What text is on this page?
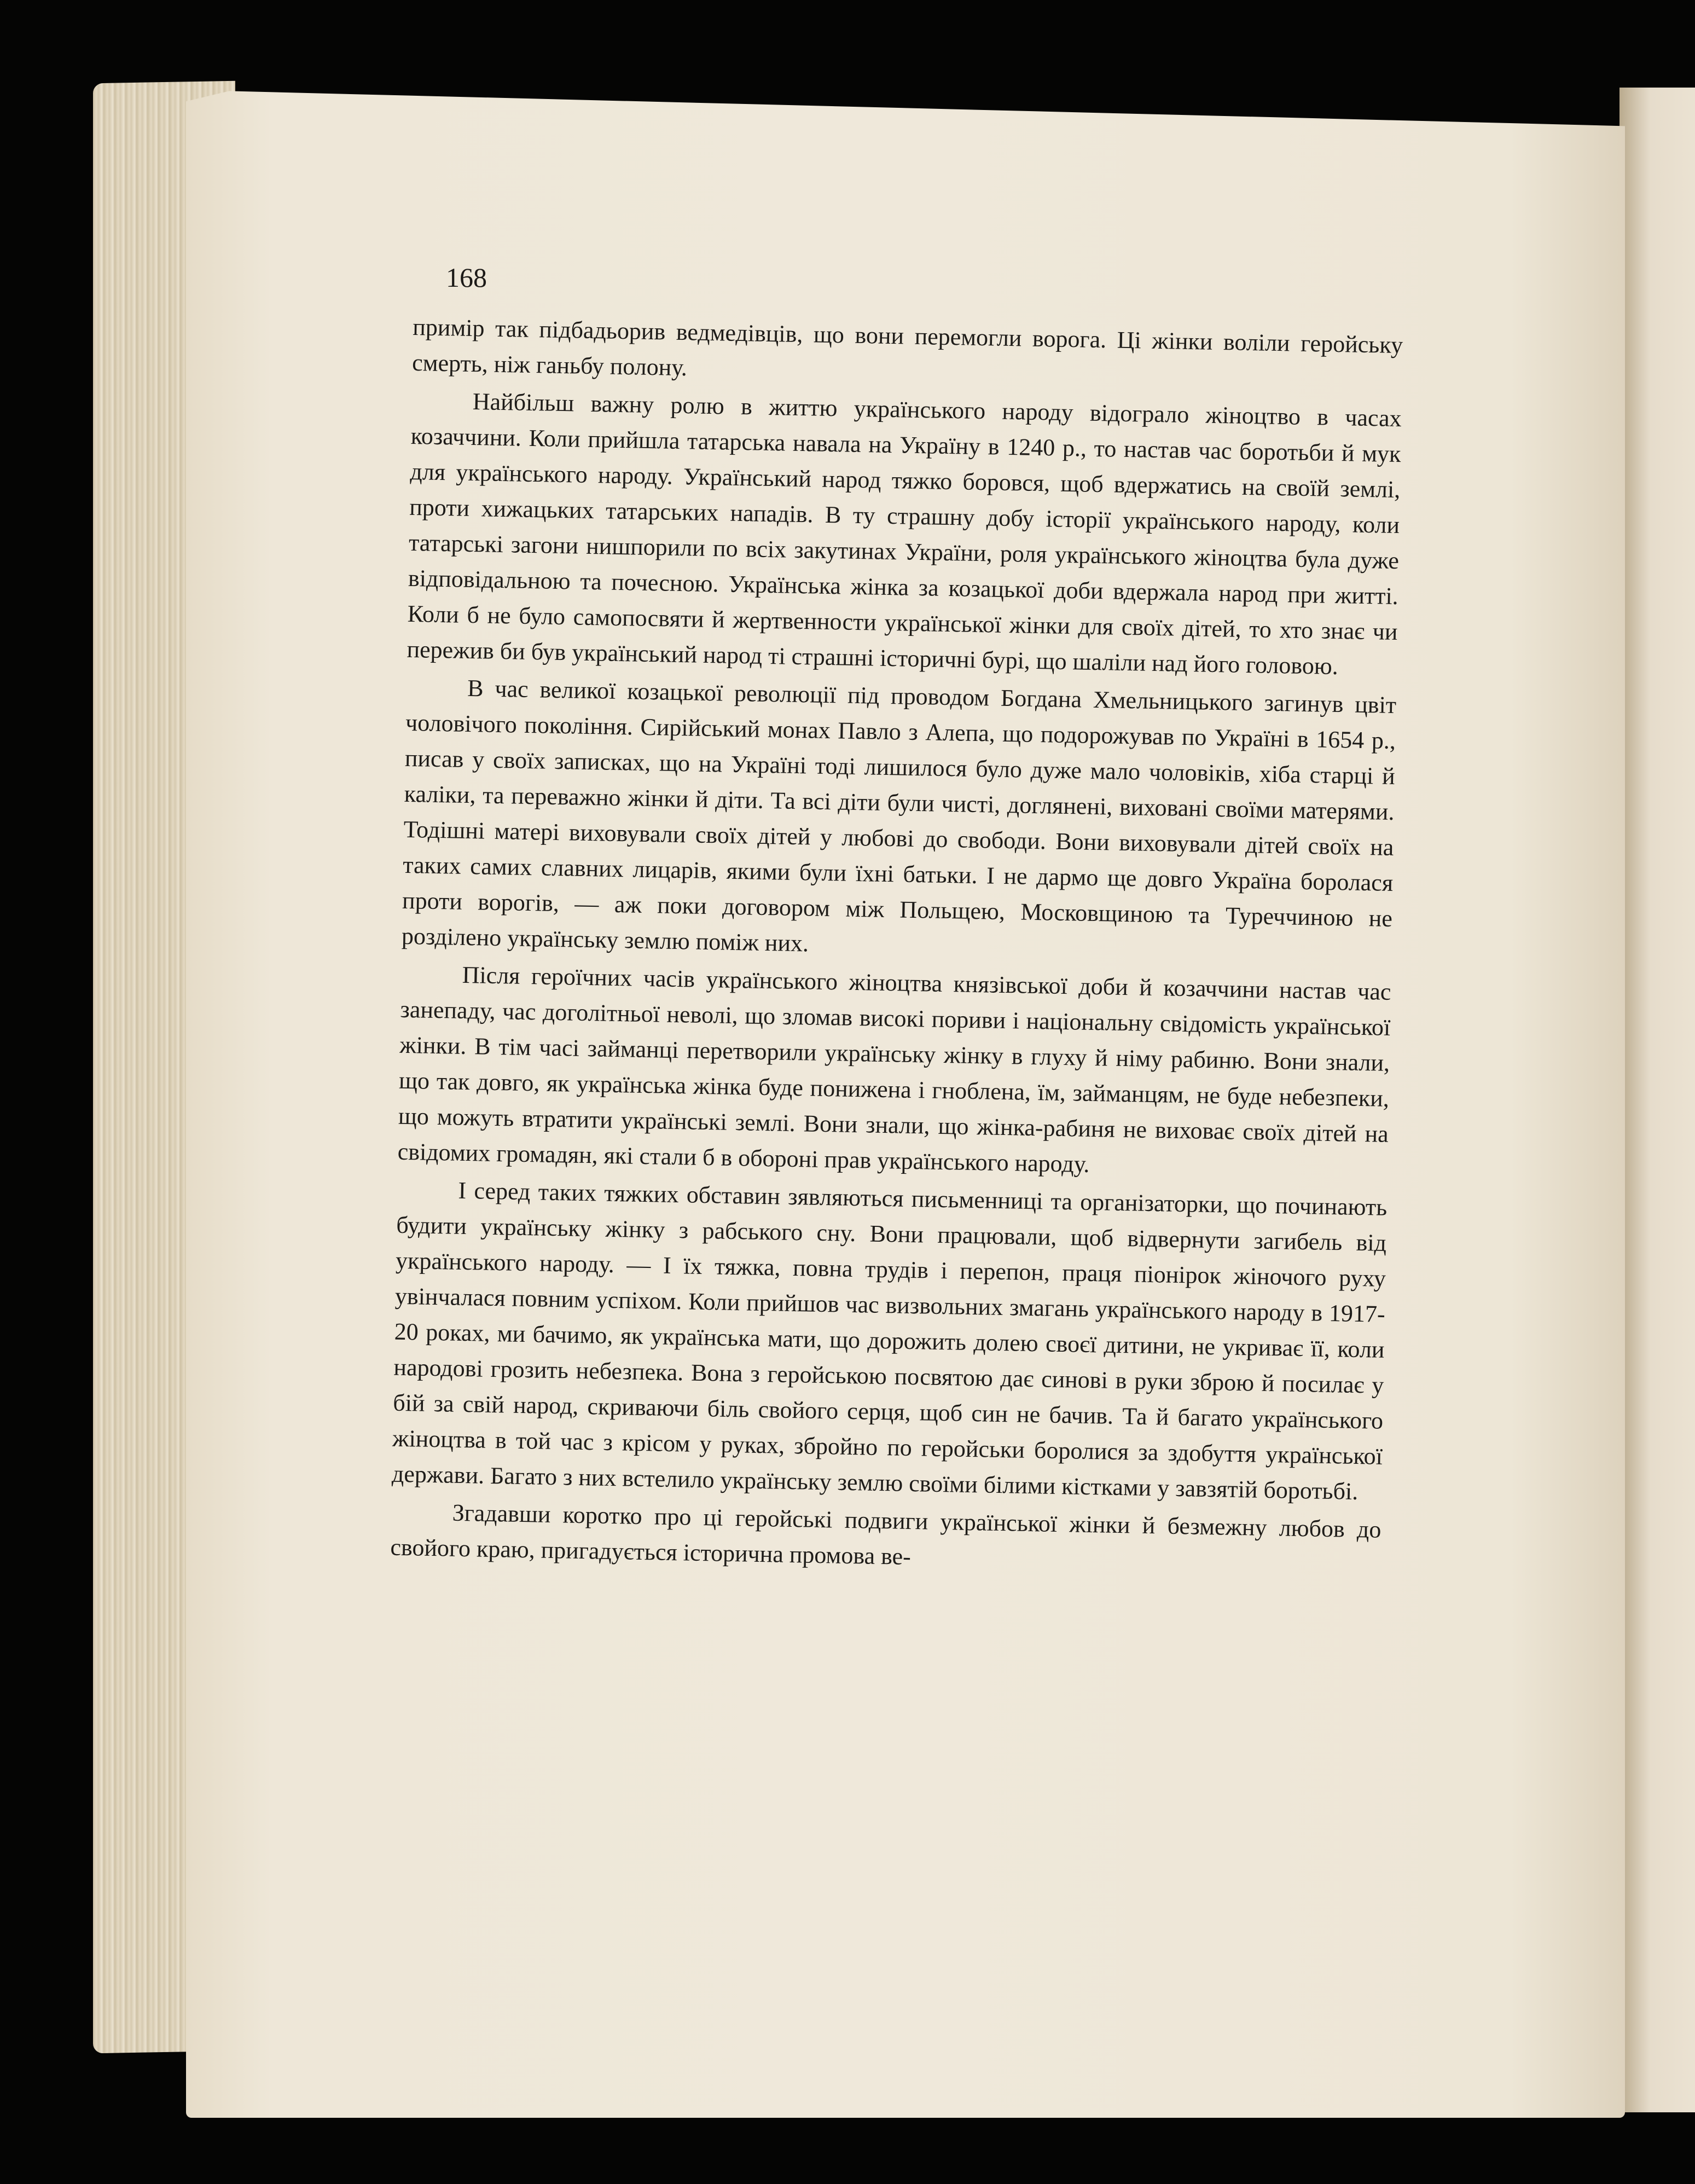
168

примір так підбадьорив ведмедівців, що вони перемогли ворога. Ці жінки воліли геройську смерть, ніж ганьбу полону.

Найбільш важну ролю в життю українського народу відограло жіноцтво в часах козаччини. Коли прийшла татарська навала на Україну в 1240 р., то настав час боротьби й мук для українського народу. Український народ тяжко боровся, щоб вдержатись на своїй землі, проти хижацьких татарських нападів. В ту страшну добу історії українського народу, коли татарські загони нишпорили по всіх закутинах України, роля українського жіноцтва була дуже відповідальною та почесною. Українська жінка за козацької доби вдержала народ при житті. Коли б не було самопосвяти й жертвенности української жінки для своїх дітей, то хто знає чи пережив би був український народ ті страшні історичні бурі, що шаліли над його головою.

В час великої козацької революції під проводом Богдана Хмельницького загинув цвіт чоловічого покоління. Сирійський монах Павло з Алепа, що подорожував по Україні в 1654 р., писав у своїх записках, що на Україні тоді лишилося було дуже мало чоловіків, хіба старці й каліки, та переважно жінки й діти. Та всі діти були чисті, доглянені, виховані своїми матерями. Тодішні матері виховували своїх дітей у любові до свободи. Вони виховували дітей своїх на таких самих славних лицарів, якими були їхні батьки. І не дармо ще довго Україна боролася проти ворогів, — аж поки договором між Польщею, Московщиною та Туреччиною не розділено українську землю поміж них.

Після героїчних часів українського жіноцтва князівської доби й козаччини настав час занепаду, час доголітньої неволі, що зломав високі пориви і національну свідомість української жінки. В тім часі займанці перетворили українську жінку в глуху й німу рабиню. Вони знали, що так довго, як українська жінка буде понижена і гноблена, їм, займанцям, не буде небезпеки, що можуть втратити українські землі. Вони знали, що жінка-рабиня не виховає своїх дітей на свідомих громадян, які стали б в обороні прав українського народу.

І серед таких тяжких обставин зявляються письменниці та організаторки, що починають будити українську жінку з рабського сну. Вони працювали, щоб відвернути загибель від українського народу. — І їх тяжка, повна трудів і перепон, праця піонірок жіночого руху увінчалася повним успіхом. Коли прийшов час визвольних змагань українського народу в 1917-20 роках, ми бачимо, як українська мати, що дорожить долею своєї дитини, не укриває її, коли народові грозить небезпека. Вона з геройською посвятою дає синові в руки зброю й посилає у бій за свій народ, скриваючи біль свойого серця, щоб син не бачив. Та й багато українського жіноцтва в той час з крісом у руках, збройно по геройськи боролися за здобуття української держави. Багато з них встелило українську землю своїми білими кістками у завзятій боротьбі.

Згадавши коротко про ці геройські подвиги української жінки й безмежну любов до свойого краю, пригадується історична промова ве-
